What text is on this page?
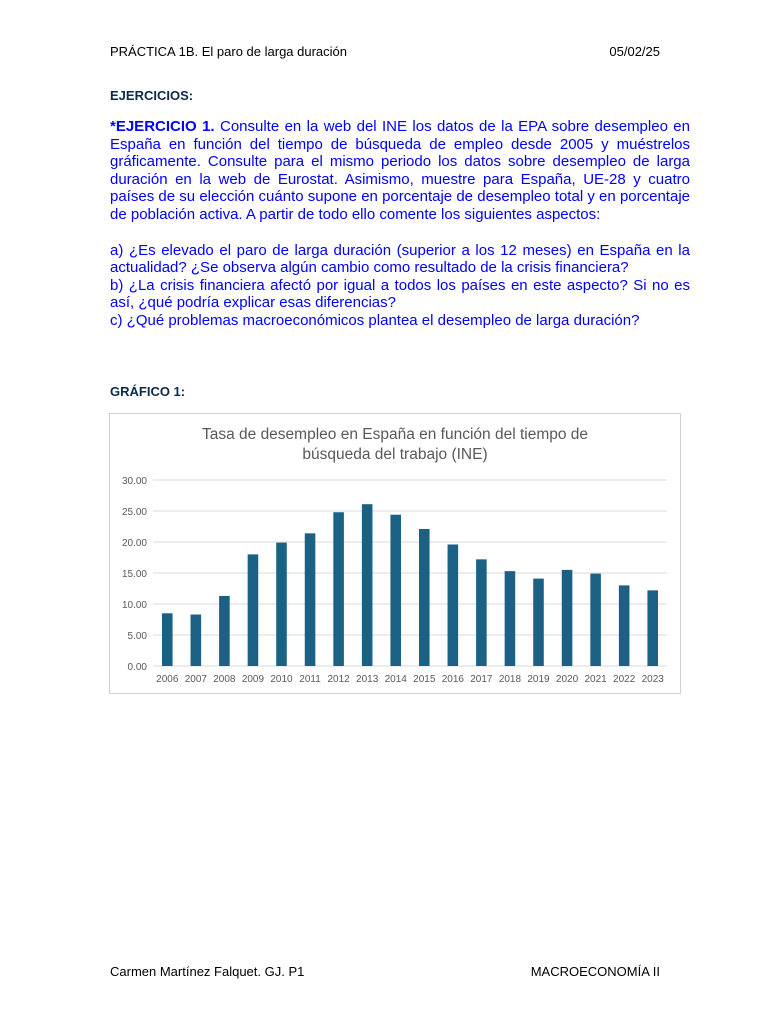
PRÁCTICA 1B. El paro de larga duración	05/02/25
EJERCICIOS:

*EJERCICIO 1. Consulte en la web del INE los datos de la EPA sobre desempleo en España en función del tiempo de búsqueda de empleo desde 2005 y muéstrelos gráficamente. Consulte para el mismo periodo los datos sobre desempleo de larga duración en la web de Eurostat. Asimismo, muestre para España, UE-28 y cuatro países de su elección cuánto supone en porcentaje de desempleo total y en porcentaje de población activa. A partir de todo ello comente los siguientes aspectos:

a) ¿Es elevado el paro de larga duración (superior a los 12 meses) en España en la actualidad? ¿Se observa algún cambio como resultado de la crisis financiera?

b) ¿La crisis financiera afectó por igual a todos los países en este aspecto? Si no es así, ¿qué podría explicar esas diferencias?

c) ¿Qué problemas macroeconómicos plantea el desempleo de larga duración?

GRÁFICO 1:
Tasa de desempleo en España en función del tiempo de
búsqueda del trabajo (INE)
0.00
5.00
10.00
15.00
20.00
25.00
30.00
2006 2007 2008 2009 2010 2011 2012 2013 2014 2015 2016 2017 2018 2019 2020 2021 2022 2023
Carmen Martínez Falquet. GJ. P1	MACROECONOMÍA II
